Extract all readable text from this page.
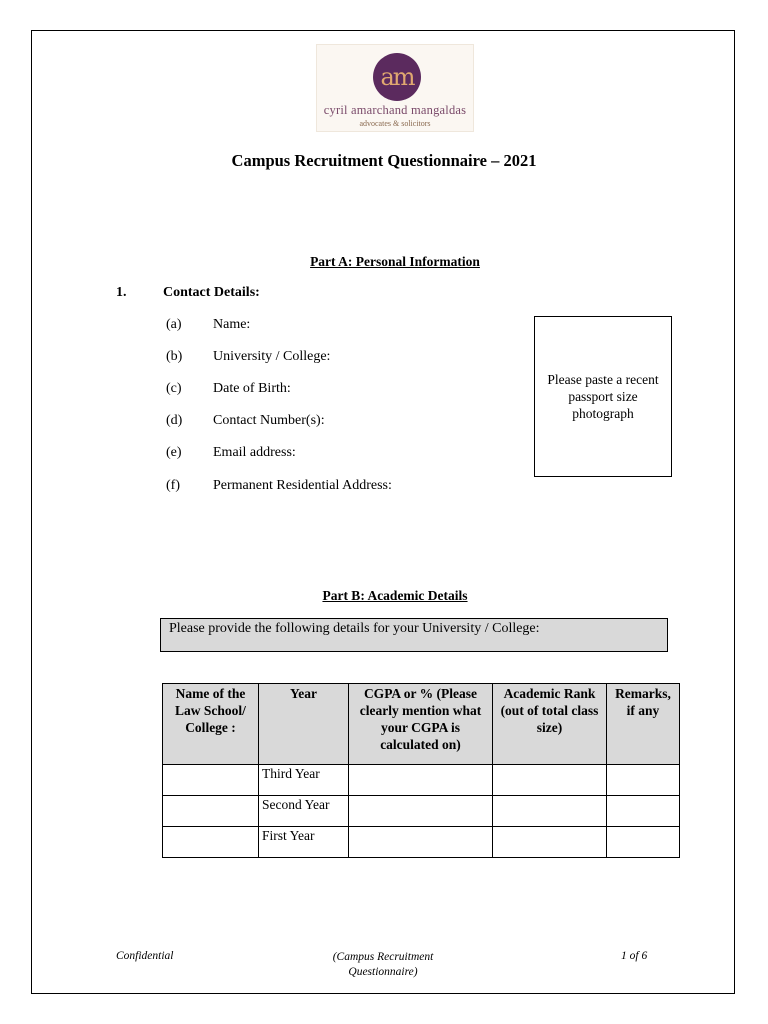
am
cyril amarchand mangaldas
advocates & solicitors
Campus Recruitment Questionnaire – 2021
Part A: Personal Information
1.	Contact Details:
(a) Name:
(b) University / College:
(c) Date of Birth:
(d) Contact Number(s):
(e) Email address:
(f) Permanent Residential Address:
Please paste a recent passport size photograph
Part B: Academic Details
Please provide the following details for your University / College:
Name of the Law School/ College :	Year	CGPA or % (Please clearly mention what your CGPA is calculated on)	Academic Rank (out of total class size)	Remarks, if any
	Third Year			
	Second Year			
	First Year			
Confidential	(Campus Recruitment Questionnaire)
1 of 6
